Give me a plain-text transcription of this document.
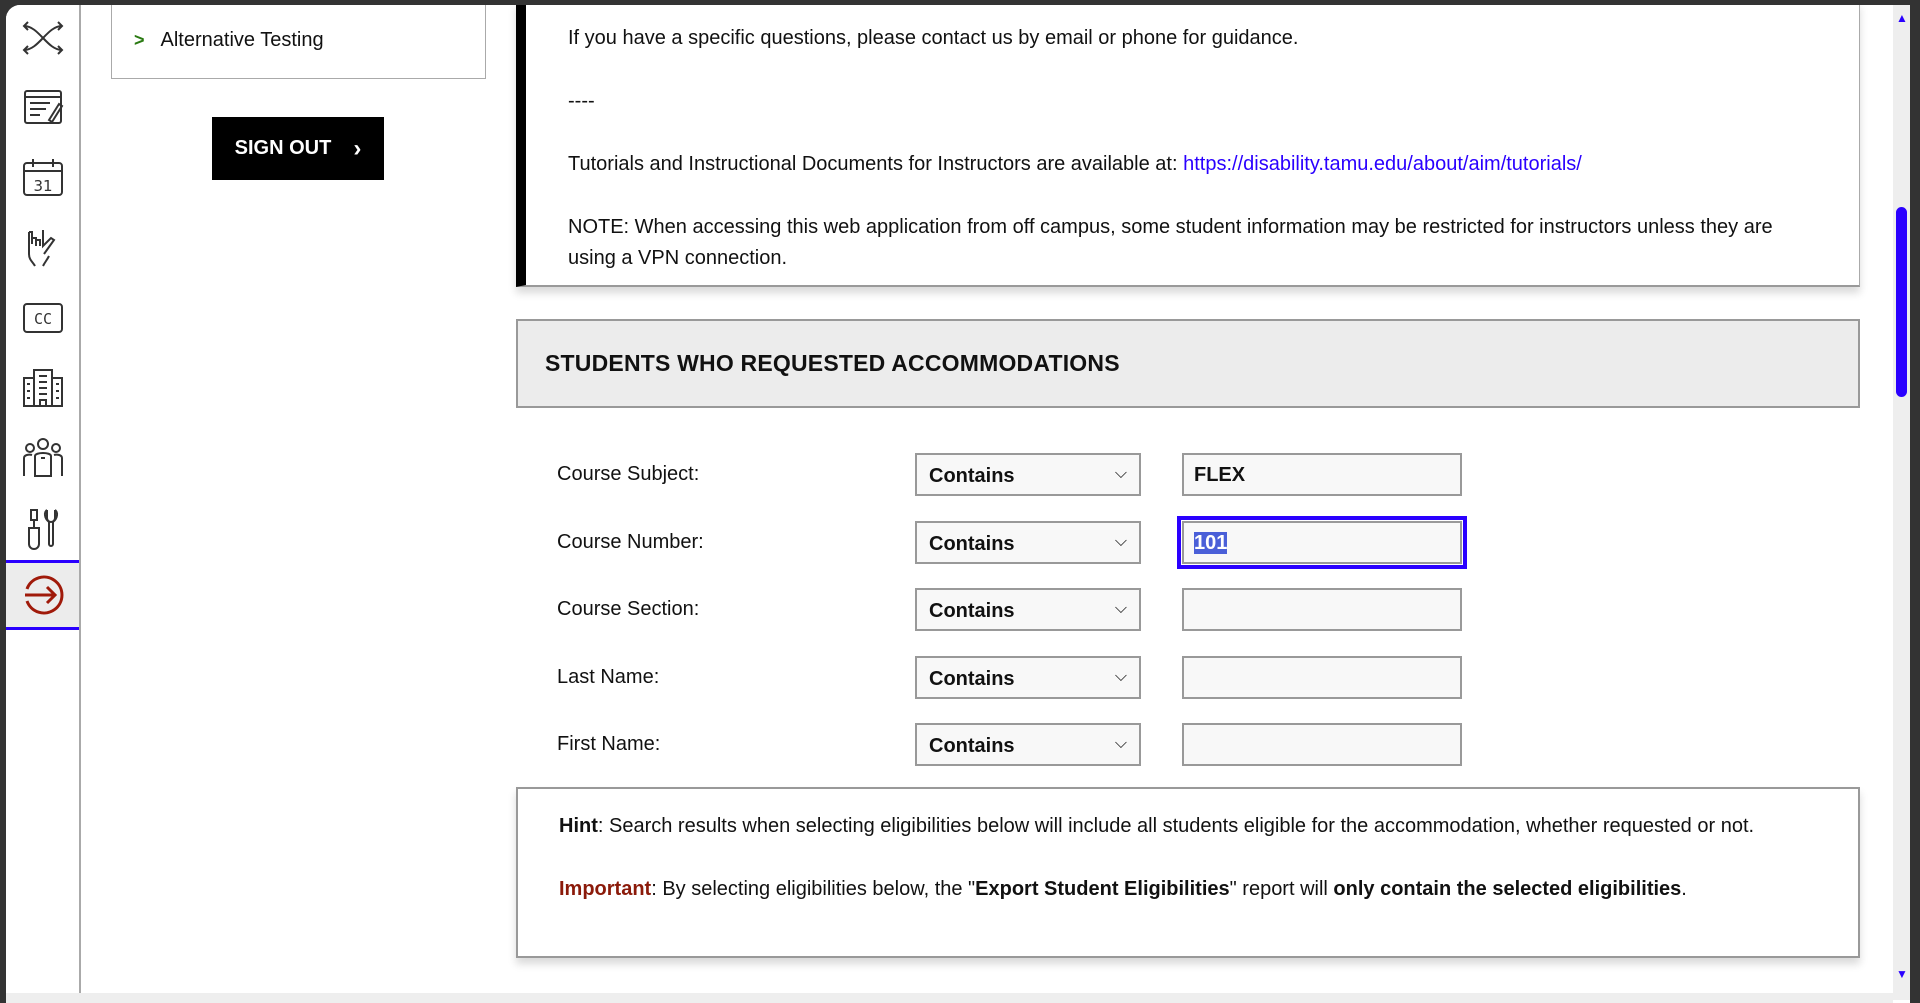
31
CC
> Alternative Testing
SIGN OUT ›

If you have a specific questions, please contact us by email or phone for guidance.

----

Tutorials and Instructional Documents for Instructors are available at: https://disability.tamu.edu/about/aim/tutorials/

NOTE: When accessing this web application from off campus, some student information may be restricted for instructors unless they are using a VPN connection.

STUDENTS WHO REQUESTED ACCOMMODATIONS
Course Subject:	Contains	⌵	FLEX
Course Number:	Contains	⌵	101
Course Section:	Contains	⌵
Last Name:	Contains	⌵
First Name:	Contains	⌵

Hint: Search results when selecting eligibilities below will include all students eligible for the accommodation, whether requested or not.

Important: By selecting eligibilities below, the "Export Student Eligibilities" report will only contain the selected eligibilities.

▲
▼
